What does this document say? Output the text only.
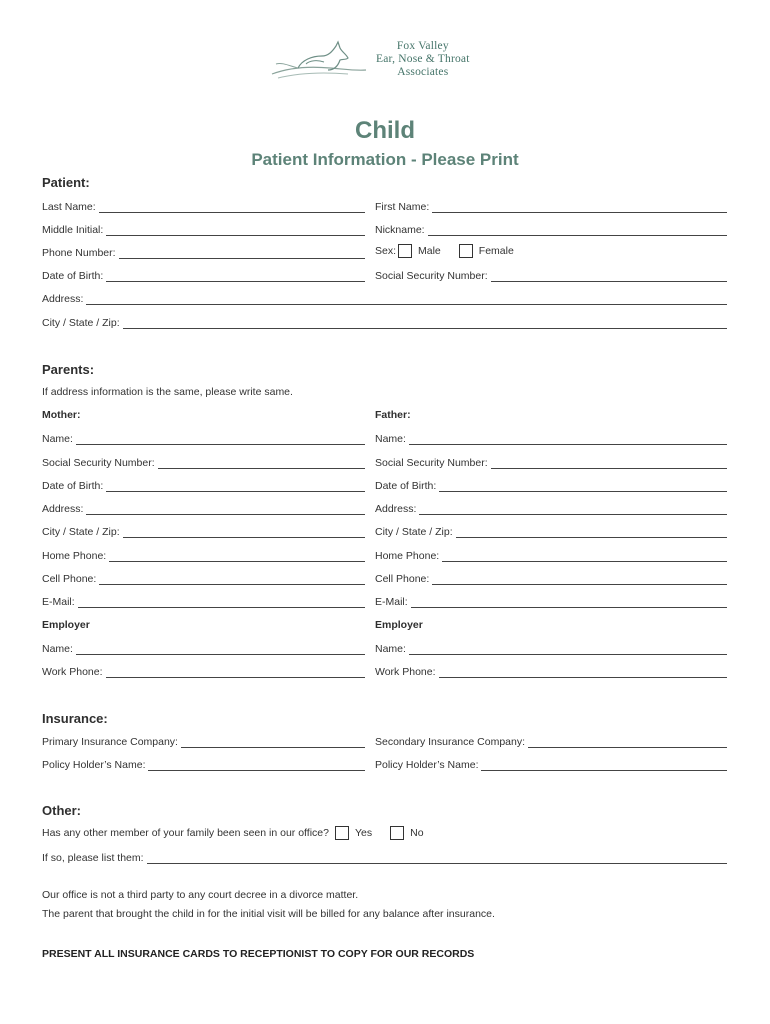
Fox Valley
Ear, Nose & Throat
Associates
Child
Patient Information - Please Print
Patient:
Last Name:	First Name:
Middle Initial:	Nickname:
Phone Number:	Sex: Male	Female
Date of Birth:	Social Security Number:
Address:
City / State / Zip:
Parents:
If address information is the same, please write same.
Mother:	Father:
Name:	Name:
Social Security Number:	Social Security Number:
Date of Birth:	Date of Birth:
Address:	Address:
City / State / Zip:	City / State / Zip:
Home Phone:	Home Phone:
Cell Phone:	Cell Phone:
E-Mail:	E-Mail:
Employer	Employer
Name:	Name:
Work Phone:	Work Phone:
Insurance:
Primary Insurance Company:	Secondary Insurance Company:
Policy Holder’s Name:	Policy Holder’s Name:
Other:
Has any other member of your family been seen in our office? Yes	No
If so, please list them:
Our office is not a third party to any court decree in a divorce matter.
The parent that brought the child in for the initial visit will be billed for any balance after insurance.
PRESENT ALL INSURANCE CARDS TO RECEPTIONIST TO COPY FOR OUR RECORDS
